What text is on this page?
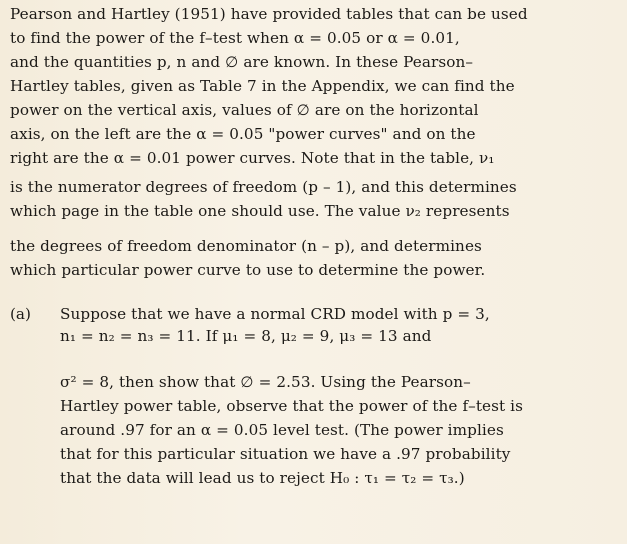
Pearson and Hartley (1951) have provided tables that can be used
to find the power of the f–test when α = 0.05 or α = 0.01,
and the quantities p, n and ∅ are known. In these Pearson–
Hartley tables, given as Table 7 in the Appendix, we can find the
power on the vertical axis, values of ∅ are on the horizontal
axis, on the left are the α = 0.05 "power curves" and on the
right are the α = 0.01 power curves. Note that in the table, ν₁
is the numerator degrees of freedom (p – 1), and this determines
which page in the table one should use. The value ν₂ represents
the degrees of freedom denominator (n – p), and determines
which particular power curve to use to determine the power.
(a) Suppose that we have a normal CRD model with p = 3,
n₁ = n₂ = n₃ = 11. If μ₁ = 8, μ₂ = 9, μ₃ = 13 and
σ² = 8, then show that ∅ = 2.53. Using the Pearson–
Hartley power table, observe that the power of the f–test is
around .97 for an α = 0.05 level test. (The power implies
that for this particular situation we have a .97 probability
that the data will lead us to reject H₀ : τ₁ = τ₂ = τ₃.)
